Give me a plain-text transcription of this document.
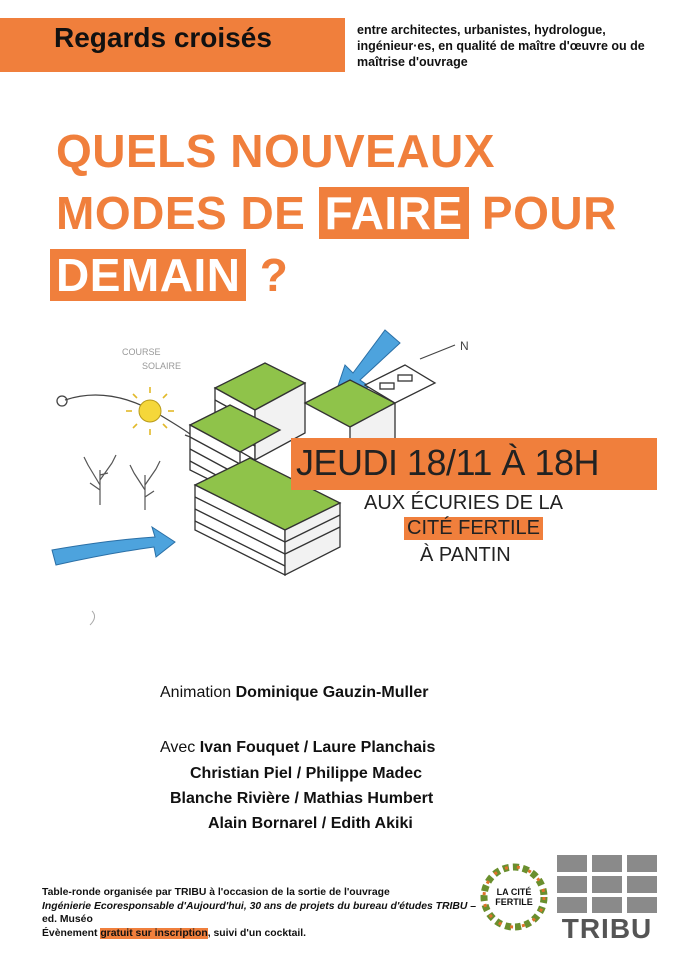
Regards croisés	entre architectes, urbanistes, hydrologue, ingénieur·es, en qualité de maître d'œuvre ou de maîtrise d'ouvrage
QUELS NOUVEAUX
MODES DE FAIRE POUR
DEMAIN ?
COURSE
SOLAIRE
N
JEUDI 18/11 À 18H
AUX ÉCURIES DE LA
CITÉ FERTILE
À PANTIN
Animation Dominique Gauzin-Muller
Avec Ivan Fouquet / Laure Planchais
Christian Piel / Philippe Madec
Blanche Rivière / Mathias Humbert
Alain Bornarel / Edith Akiki
Table-ronde organisée par TRIBU à l'occasion de la sortie de l'ouvrage
Ingénierie Ecoresponsable d'Aujourd'hui, 30 ans de projets du bureau d'études TRIBU – ed. Muséo
Évènement gratuit sur inscription, suivi d'un cocktail.
LA CITÉ FERTILE
TRIBU
